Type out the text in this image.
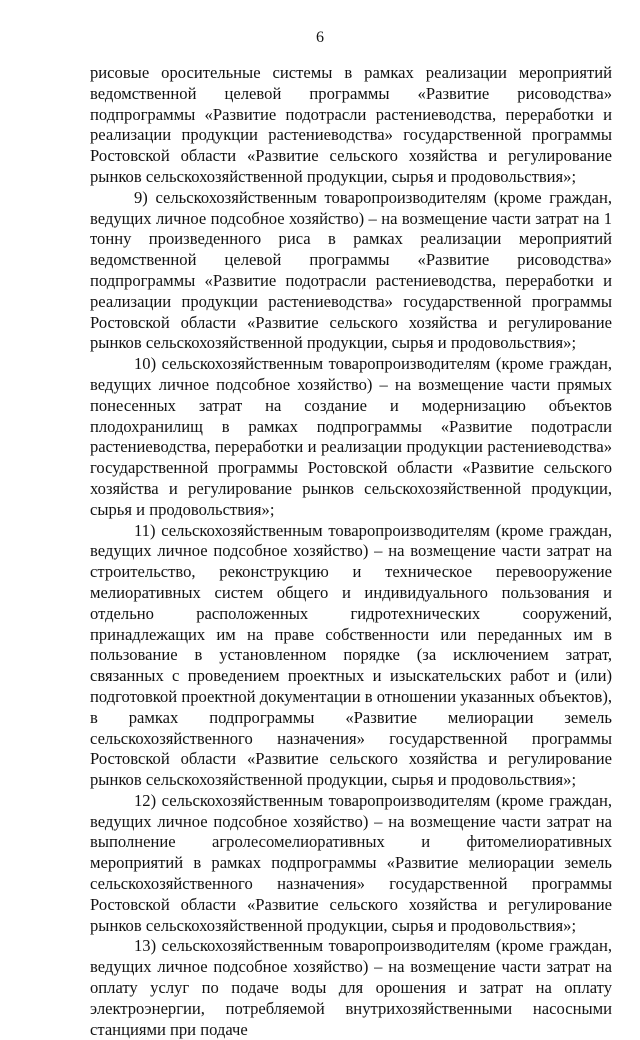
6

рисовые оросительные системы в рамках реализации мероприятий ведомственной целевой программы «Развитие рисоводства» подпрограммы «Развитие подотрасли растениеводства, переработки и реализации продукции растениеводства» государственной программы Ростовской области «Развитие сельского хозяйства и регулирование рынков сельскохозяйственной продукции, сырья и продовольствия»;

9) сельскохозяйственным товаропроизводителям (кроме граждан, ведущих личное подсобное хозяйство) – на возмещение части затрат на 1 тонну произведенного риса в рамках реализации мероприятий ведомственной целевой программы «Развитие рисоводства» подпрограммы «Развитие подотрасли растениеводства, переработки и реализации продукции растениеводства» государственной программы Ростовской области «Развитие сельского хозяйства и регулирование рынков сельскохозяйственной продукции, сырья и продовольствия»;

10) сельскохозяйственным товаропроизводителям (кроме граждан, ведущих личное подсобное хозяйство) – на возмещение части прямых понесенных затрат на создание и модернизацию объектов плодохранилищ в рамках подпрограммы «Развитие подотрасли растениеводства, переработки и реализации продукции растениеводства» государственной программы Ростовской области «Развитие сельского хозяйства и регулирование рынков сельскохозяйственной продукции, сырья и продовольствия»;

11) сельскохозяйственным товаропроизводителям (кроме граждан, ведущих личное подсобное хозяйство) – на возмещение части затрат на строительство, реконструкцию и техническое перевооружение мелиоративных систем общего и индивидуального пользования и отдельно расположенных гидротехнических сооружений, принадлежащих им на праве собственности или переданных им в пользование в установленном порядке (за исключением затрат, связанных с проведением проектных и изыскательских работ и (или) подготовкой проектной документации в отношении указанных объектов), в рамках подпрограммы «Развитие мелиорации земель сельскохозяйственного назначения» государственной программы Ростовской области «Развитие сельского хозяйства и регулирование рынков сельскохозяйственной продукции, сырья и продовольствия»;

12) сельскохозяйственным товаропроизводителям (кроме граждан, ведущих личное подсобное хозяйство) – на возмещение части затрат на выполнение агролесомелиоративных и фитомелиоративных мероприятий в рамках подпрограммы «Развитие мелиорации земель сельскохозяйственного назначения» государственной программы Ростовской области «Развитие сельского хозяйства и регулирование рынков сельскохозяйственной продукции, сырья и продовольствия»;

13) сельскохозяйственным товаропроизводителям (кроме граждан, ведущих личное подсобное хозяйство) – на возмещение части затрат на оплату услуг по подаче воды для орошения и затрат на оплату электроэнергии, потребляемой внутрихозяйственными насосными станциями при подаче
